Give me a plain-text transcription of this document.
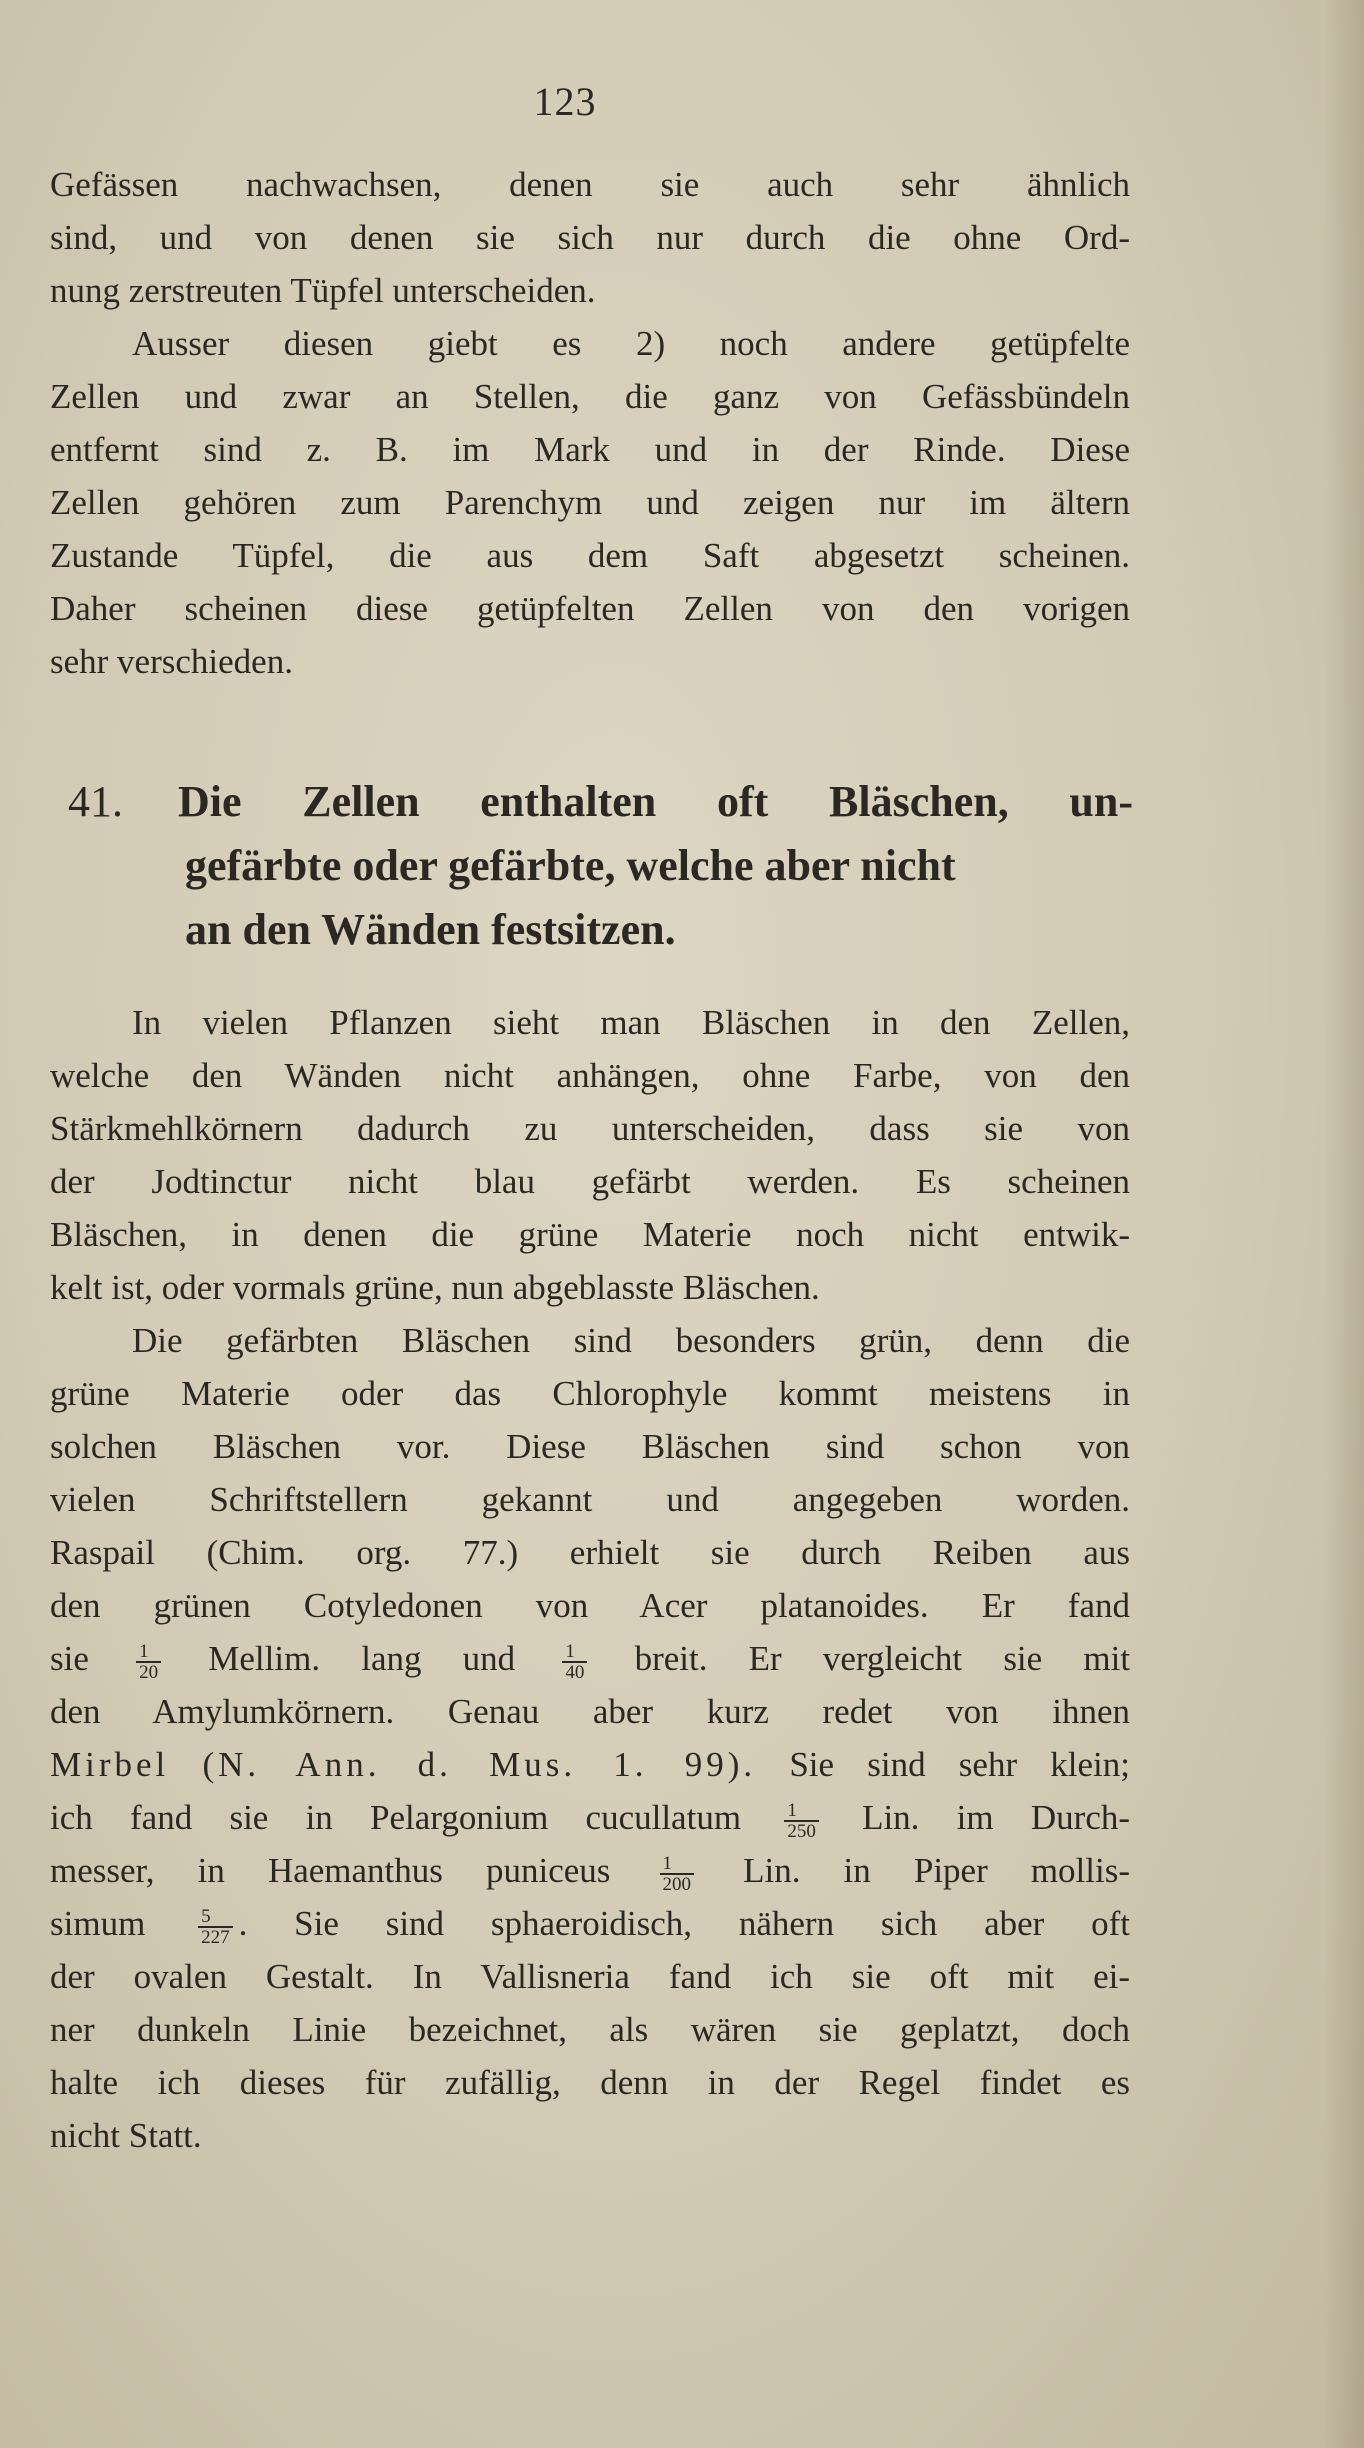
123
Gefässen nachwachsen, denen sie auch sehr ähnlich
sind, und von denen sie sich nur durch die ohne Ord-
nung zerstreuten Tüpfel unterscheiden.
Ausser diesen giebt es 2) noch andere getüpfelte
Zellen und zwar an Stellen, die ganz von Gefässbündeln
entfernt sind z. B. im Mark und in der Rinde. Diese
Zellen gehören zum Parenchym und zeigen nur im ältern
Zustande Tüpfel, die aus dem Saft abgesetzt scheinen.
Daher scheinen diese getüpfelten Zellen von den vorigen
sehr verschieden.
41. Die Zellen enthalten oft Bläschen, un-
gefärbte oder gefärbte, welche aber nicht
an den Wänden festsitzen.
In vielen Pflanzen sieht man Bläschen in den Zellen,
welche den Wänden nicht anhängen, ohne Farbe, von den
Stärkmehlkörnern dadurch zu unterscheiden, dass sie von
der Jodtinctur nicht blau gefärbt werden. Es scheinen
Bläschen, in denen die grüne Materie noch nicht entwik-
kelt ist, oder vormals grüne, nun abgeblasste Bläschen.
Die gefärbten Bläschen sind besonders grün, denn die
grüne Materie oder das Chlorophyle kommt meistens in
solchen Bläschen vor. Diese Bläschen sind schon von
vielen Schriftstellern gekannt und angegeben worden.
Raspail (Chim. org. 77.) erhielt sie durch Reiben aus
den grünen Cotyledonen von Acer platanoides. Er fand
sie $\frac{1}{20} Mellim$. lang und $\frac{1}{40}$ breit. Er vergleicht sie mit
den Amylumkörnern. Genau aber kurz redet von ihnen
Mirbel (N. Ann. d. Mus. 1. 99). Sie sind sehr klein;
ich fand sie in Pelargonium cucullatum $\frac{1}{250}$ Lin. im Durch-
messer, in Haemanthus puniceus	$\frac{1}{200}$ Lin. in Piper mollis-
simum	$\frac{5}{227}$ . Sie sind sphaeroidisch, nähern sich aber oft
der ovalen Gestalt. In Vallisneria fand ich sie oft mit ei-
ner dunkeln Linie bezeichnet, als wären sie geplatzt, doch
halte ich dieses für zufällig, denn in der Regel findet es
nicht Statt.
